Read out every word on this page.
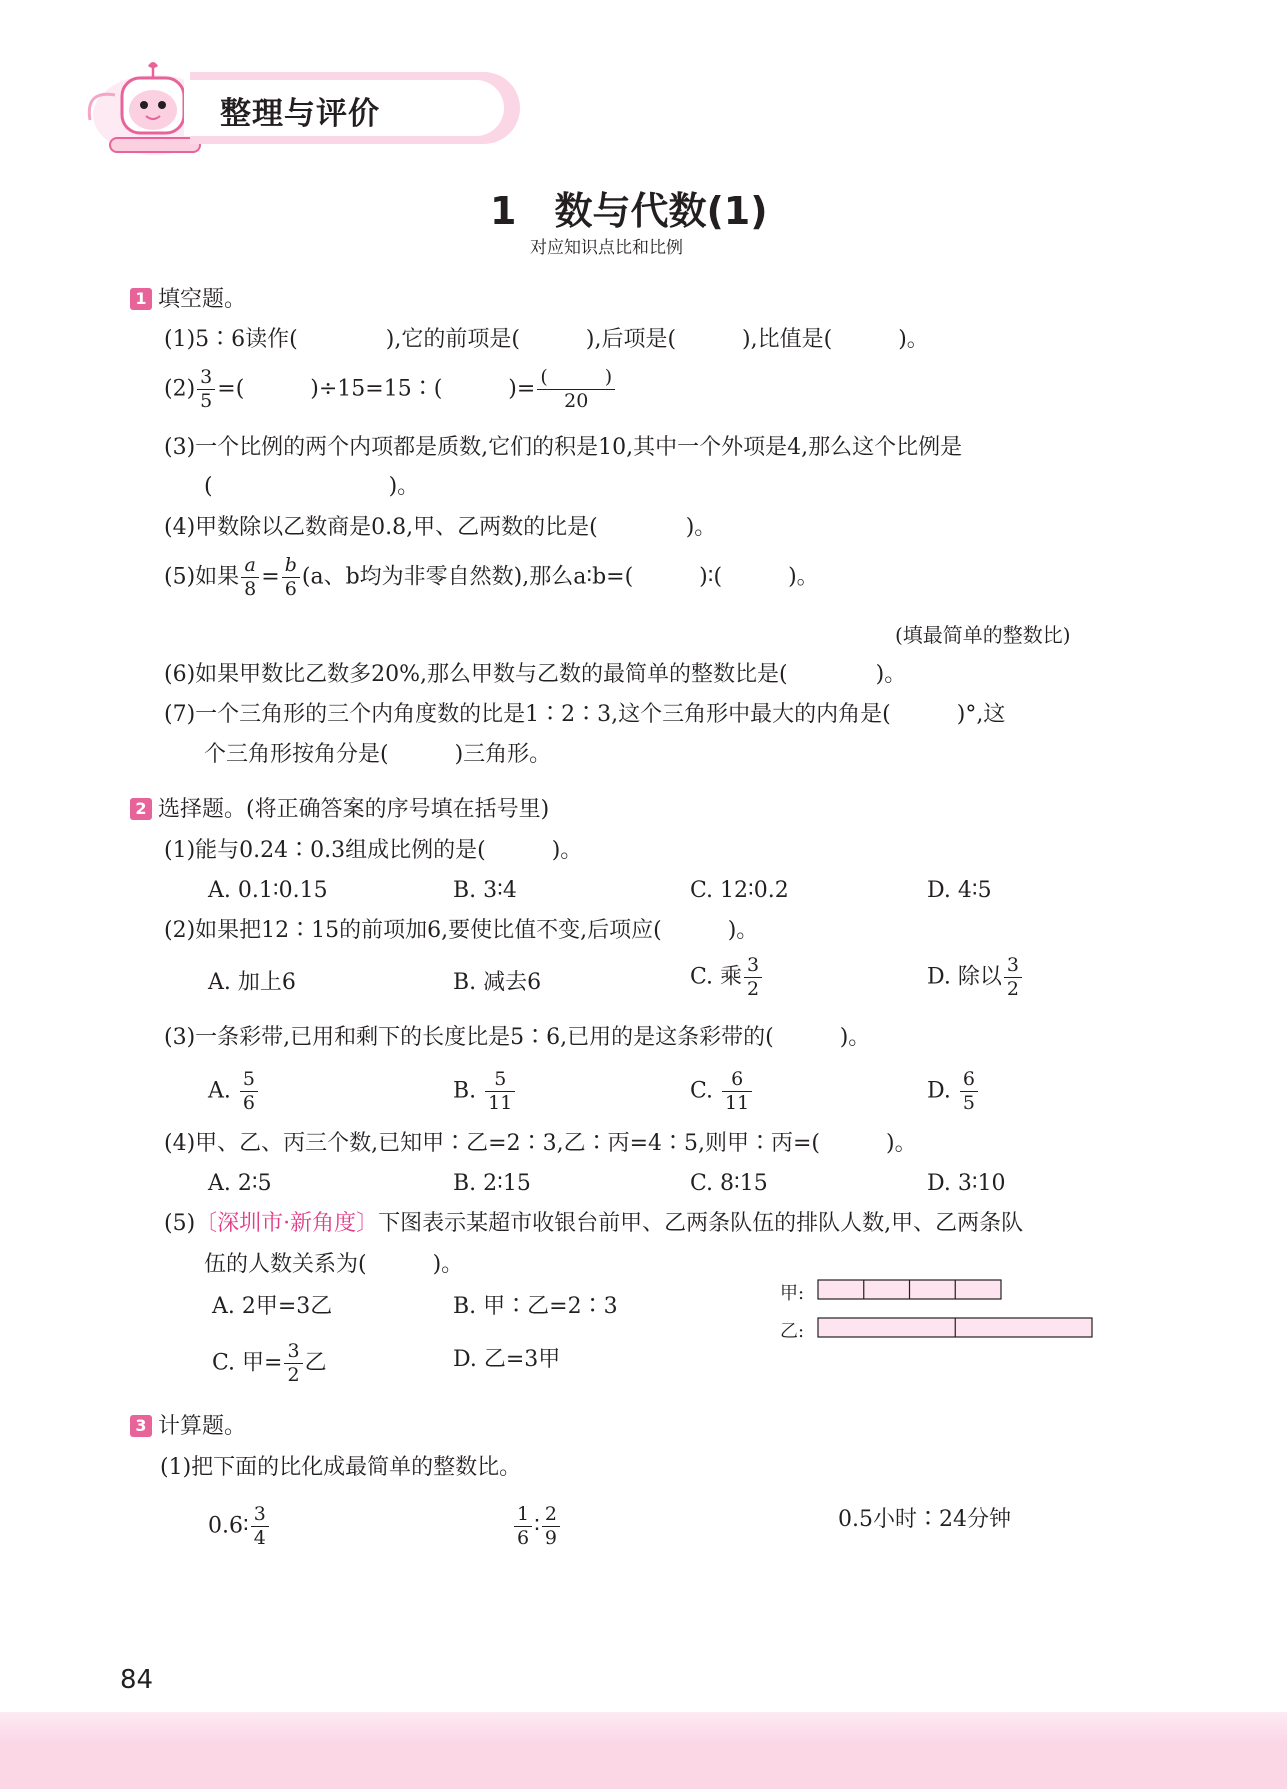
整理与评价
1　数与代数(1)
对应知识点比和比例
1 填空题。
(1)5∶6读作(　　　　),它的前项是(　　　),后项是(　　　),比值是(　　　)。
$(2) \frac{3}{5}$ =(　　　)÷15=15∶(　　　)= $\frac{( )}{20}$
(3)一个比例的两个内项都是质数,它们的积是10,其中一个外项是4,那么这个比例是
(　　　　　　　　)。
(4)甲数除以乙数商是0.8,甲、乙两数的比是(　　　　)。
(5)如果 $\frac{a}{8} = \frac{b}{6} (a$、b均为非零自然数),那么a∶b=(　　　)∶(　　　)。
(填最简单的整数比)
(6)如果甲数比乙数多20%,那么甲数与乙数的最简单的整数比是(　　　　)。
(7)一个三角形的三个内角度数的比是1∶2∶3,这个三角形中最大的内角是(　　　)°,这
个三角形按角分是(　　　)三角形。
2 选择题。(将正确答案的序号填在括号里)
(1)能与0.24∶0.3组成比例的是(　　　)。
A. 0.1∶0.15	B. 3∶4	C. 12∶0.2	D. 4∶5
(2)如果把12∶15的前项加6,要使比值不变,后项应(　　　)。
A. 加上6	B. 减去6	C. 乘 $\frac{3}{2}$	D. 除以 $\frac{3}{2}$
(3)一条彩带,已用和剩下的长度比是5∶6,已用的是这条彩带的(　　　)。
A. $\frac{5}{6}$	B. $\frac{5}{11}$	C. $\frac{6}{11}$	D. $\frac{6}{5}$
(4)甲、乙、丙三个数,已知甲∶乙=2∶3,乙∶丙=4∶5,则甲∶丙=(　　　)。
A. 2∶5	B. 2∶15	C. 8∶15	D. 3∶10
(5)〔深圳市·新角度〕下图表示某超市收银台前甲、乙两条队伍的排队人数,甲、乙两条队
伍的人数关系为(　　　)。
A. 2甲=3乙	B. 甲∶乙=2∶3
C. 甲= $\frac{3}{2}$ 乙	D. 乙=3甲
甲:
乙:
3 计算题。
(1)把下面的比化成最简单的整数比。
0.6∶ $\frac{3}{4}$	$\frac{1}{6}$ ∶ $\frac{2}{9}$	0.5小时∶24分钟
84
